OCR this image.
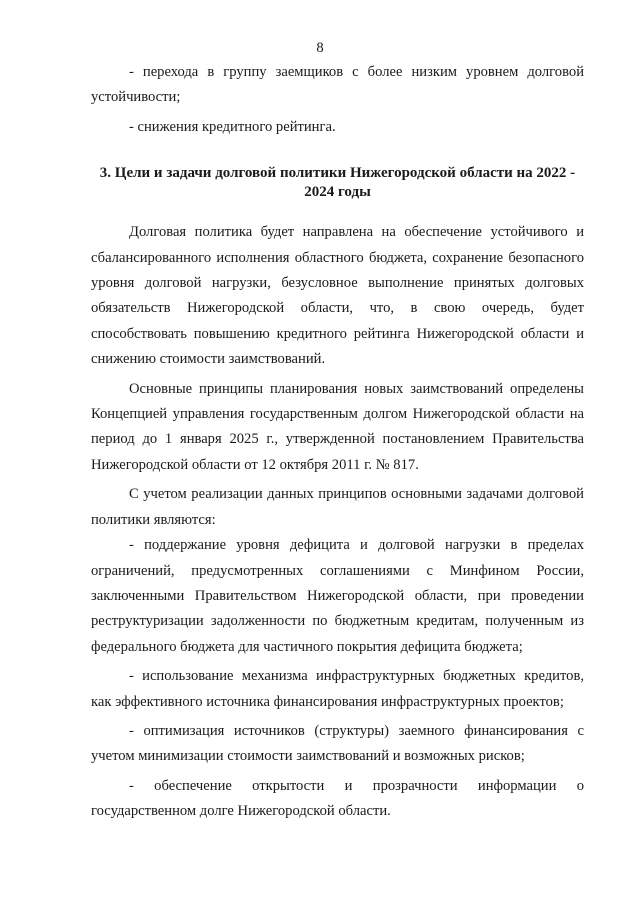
8

- перехода в группу заемщиков с более низким уровнем долговой устойчивости;

- снижения кредитного рейтинга.

3. Цели и задачи долговой политики Нижегородской области на 2022 - 2024 годы

Долговая политика будет направлена на обеспечение устойчивого и сбалансированного исполнения областного бюджета, сохранение безопасного уровня долговой нагрузки, безусловное выполнение принятых долговых обязательств Нижегородской области, что, в свою очередь, будет способствовать повышению кредитного рейтинга Нижегородской области и снижению стоимости заимствований.

Основные принципы планирования новых заимствований определены Концепцией управления государственным долгом Нижегородской области на период до 1 января 2025 г., утвержденной постановлением Правительства Нижегородской области от 12 октября 2011 г. № 817.

С учетом реализации данных принципов основными задачами долговой политики являются:

- поддержание уровня дефицита и долговой нагрузки в пределах ограничений, предусмотренных соглашениями с Минфином России, заключенными Правительством Нижегородской области, при проведении реструктуризации задолженности по бюджетным кредитам, полученным из федерального бюджета для частичного покрытия дефицита бюджета;

- использование механизма инфраструктурных бюджетных кредитов, как эффективного источника финансирования инфраструктурных проектов;

- оптимизация источников (структуры) заемного финансирования с учетом минимизации стоимости заимствований и возможных рисков;

- обеспечение открытости и прозрачности информации о государственном долге Нижегородской области.
